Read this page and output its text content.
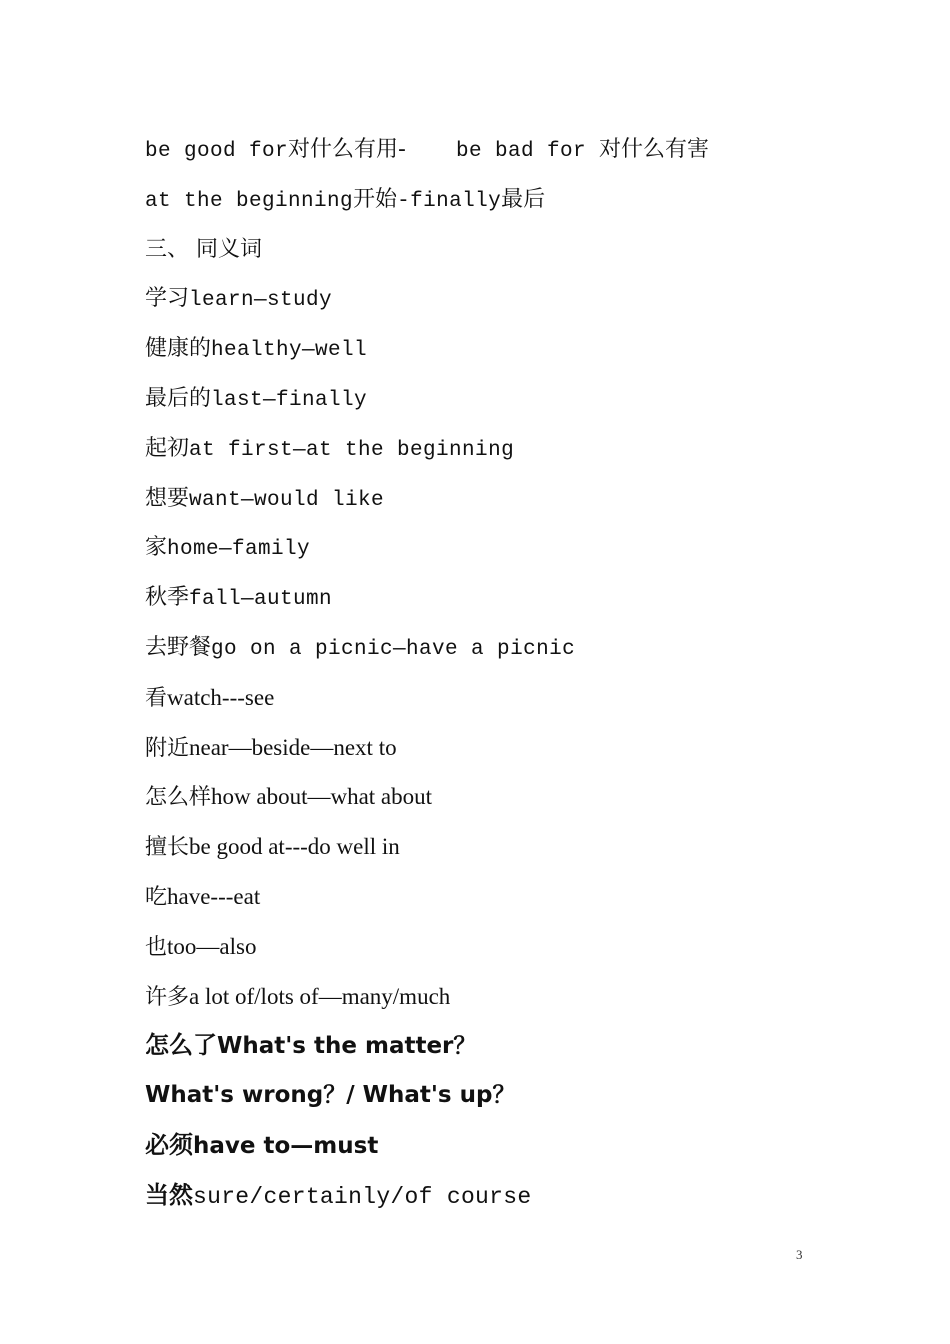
be good for对什么有用- be bad for 对什么有害
at the beginning开始-finally最后
三、 同义词
学习learn—study
健康的healthy—well
最后的last—finally
起初at first—at the beginning
想要want—would like
家home—family
秋季fall—autumn
去野餐go on a picnic—have a picnic
看watch---see
附近near—beside—next to
怎么样how about—what about
擅长be good at---do well in
吃have---eat
也too—also
许多a lot of/lots of—many/much
怎么了What's the matter？
What's wrong？/ What's up？
必须have to—must
当然sure/certainly/of course
3
